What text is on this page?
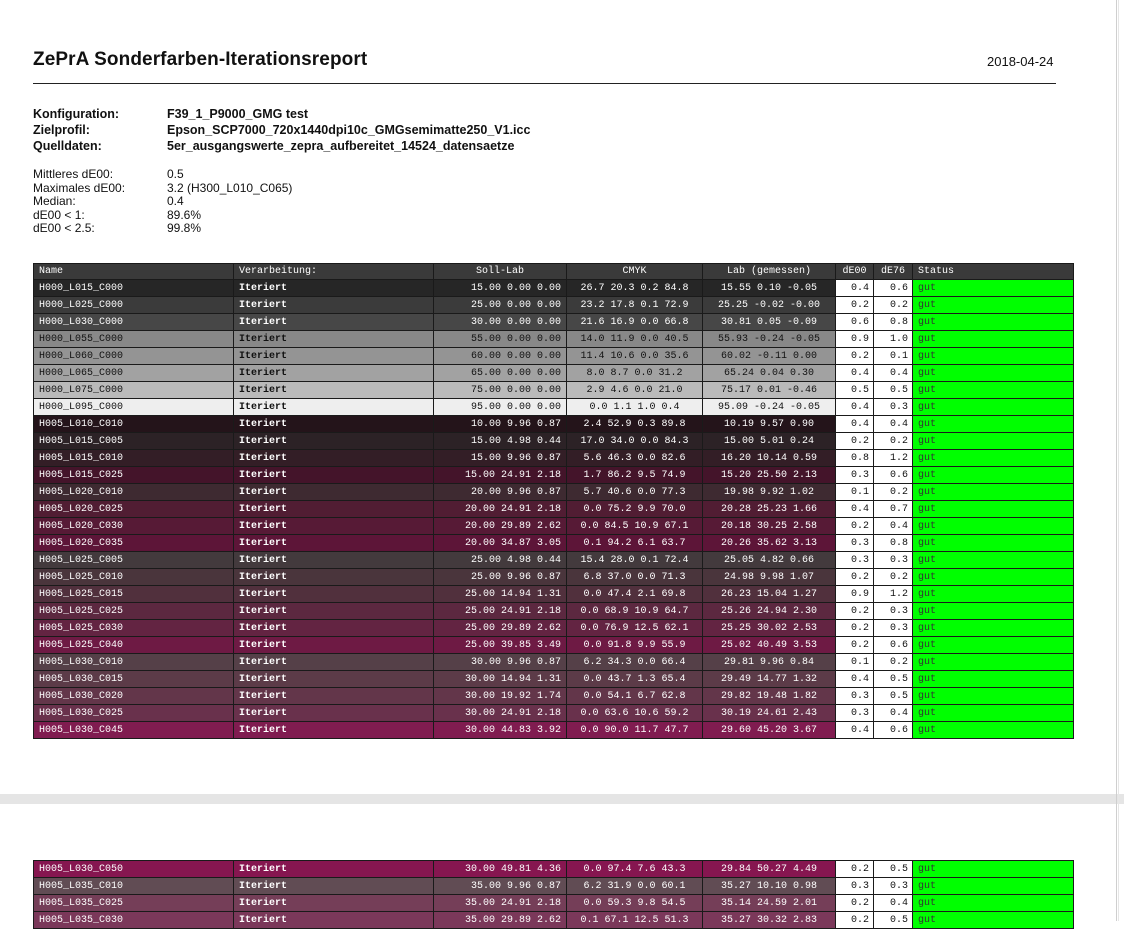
ZePrA Sonderfarben-Iterationsreport	2018-04-24
Konfiguration:	F39_1_P9000_GMG test
Zielprofil:	Epson_SCP7000_720x1440dpi10c_GMGsemimatte250_V1.icc
Quelldaten:	5er_ausgangswerte_zepra_aufbereitet_14524_datensaetze
Mittleres dE00:	0.5
Maximales dE00:	3.2 (H300_L010_C065)
Median:	0.4
dE00 < 1:	89.6%
dE00 < 2.5:	99.8%
Name	Verarbeitung:	Soll-Lab	CMYK	Lab (gemessen)	dE00	dE76	Status
H000_L015_C000	Iteriert	15.00 0.00 0.00	26.7 20.3 0.2 84.8	15.55 0.10 -0.05	0.4	0.6	gut
H000_L025_C000	Iteriert	25.00 0.00 0.00	23.2 17.8 0.1 72.9	25.25 -0.02 -0.00	0.2	0.2	gut
H000_L030_C000	Iteriert	30.00 0.00 0.00	21.6 16.9 0.0 66.8	30.81 0.05 -0.09	0.6	0.8	gut
H000_L055_C000	Iteriert	55.00 0.00 0.00	14.0 11.9 0.0 40.5	55.93 -0.24 -0.05	0.9	1.0	gut
H000_L060_C000	Iteriert	60.00 0.00 0.00	11.4 10.6 0.0 35.6	60.02 -0.11 0.00	0.2	0.1	gut
H000_L065_C000	Iteriert	65.00 0.00 0.00	8.0 8.7 0.0 31.2	65.24 0.04 0.30	0.4	0.4	gut
H000_L075_C000	Iteriert	75.00 0.00 0.00	2.9 4.6 0.0 21.0	75.17 0.01 -0.46	0.5	0.5	gut
H000_L095_C000	Iteriert	95.00 0.00 0.00	0.0 1.1 1.0 0.4	95.09 -0.24 -0.05	0.4	0.3	gut
H005_L010_C010	Iteriert	10.00 9.96 0.87	2.4 52.9 0.3 89.8	10.19 9.57 0.90	0.4	0.4	gut
H005_L015_C005	Iteriert	15.00 4.98 0.44	17.0 34.0 0.0 84.3	15.00 5.01 0.24	0.2	0.2	gut
H005_L015_C010	Iteriert	15.00 9.96 0.87	5.6 46.3 0.0 82.6	16.20 10.14 0.59	0.8	1.2	gut
H005_L015_C025	Iteriert	15.00 24.91 2.18	1.7 86.2 9.5 74.9	15.20 25.50 2.13	0.3	0.6	gut
H005_L020_C010	Iteriert	20.00 9.96 0.87	5.7 40.6 0.0 77.3	19.98 9.92 1.02	0.1	0.2	gut
H005_L020_C025	Iteriert	20.00 24.91 2.18	0.0 75.2 9.9 70.0	20.28 25.23 1.66	0.4	0.7	gut
H005_L020_C030	Iteriert	20.00 29.89 2.62	0.0 84.5 10.9 67.1	20.18 30.25 2.58	0.2	0.4	gut
H005_L020_C035	Iteriert	20.00 34.87 3.05	0.1 94.2 6.1 63.7	20.26 35.62 3.13	0.3	0.8	gut
H005_L025_C005	Iteriert	25.00 4.98 0.44	15.4 28.0 0.1 72.4	25.05 4.82 0.66	0.3	0.3	gut
H005_L025_C010	Iteriert	25.00 9.96 0.87	6.8 37.0 0.0 71.3	24.98 9.98 1.07	0.2	0.2	gut
H005_L025_C015	Iteriert	25.00 14.94 1.31	0.0 47.4 2.1 69.8	26.23 15.04 1.27	0.9	1.2	gut
H005_L025_C025	Iteriert	25.00 24.91 2.18	0.0 68.9 10.9 64.7	25.26 24.94 2.30	0.2	0.3	gut
H005_L025_C030	Iteriert	25.00 29.89 2.62	0.0 76.9 12.5 62.1	25.25 30.02 2.53	0.2	0.3	gut
H005_L025_C040	Iteriert	25.00 39.85 3.49	0.0 91.8 9.9 55.9	25.02 40.49 3.53	0.2	0.6	gut
H005_L030_C010	Iteriert	30.00 9.96 0.87	6.2 34.3 0.0 66.4	29.81 9.96 0.84	0.1	0.2	gut
H005_L030_C015	Iteriert	30.00 14.94 1.31	0.0 43.7 1.3 65.4	29.49 14.77 1.32	0.4	0.5	gut
H005_L030_C020	Iteriert	30.00 19.92 1.74	0.0 54.1 6.7 62.8	29.82 19.48 1.82	0.3	0.5	gut
H005_L030_C025	Iteriert	30.00 24.91 2.18	0.0 63.6 10.6 59.2	30.19 24.61 2.43	0.3	0.4	gut
H005_L030_C045	Iteriert	30.00 44.83 3.92	0.0 90.0 11.7 47.7	29.60 45.20 3.67	0.4	0.6	gut
H005_L030_C050	Iteriert	30.00 49.81 4.36	0.0 97.4 7.6 43.3	29.84 50.27 4.49	0.2	0.5	gut
H005_L035_C010	Iteriert	35.00 9.96 0.87	6.2 31.9 0.0 60.1	35.27 10.10 0.98	0.3	0.3	gut
H005_L035_C025	Iteriert	35.00 24.91 2.18	0.0 59.3 9.8 54.5	35.14 24.59 2.01	0.2	0.4	gut
H005_L035_C030	Iteriert	35.00 29.89 2.62	0.1 67.1 12.5 51.3	35.27 30.32 2.83	0.2	0.5	gut
